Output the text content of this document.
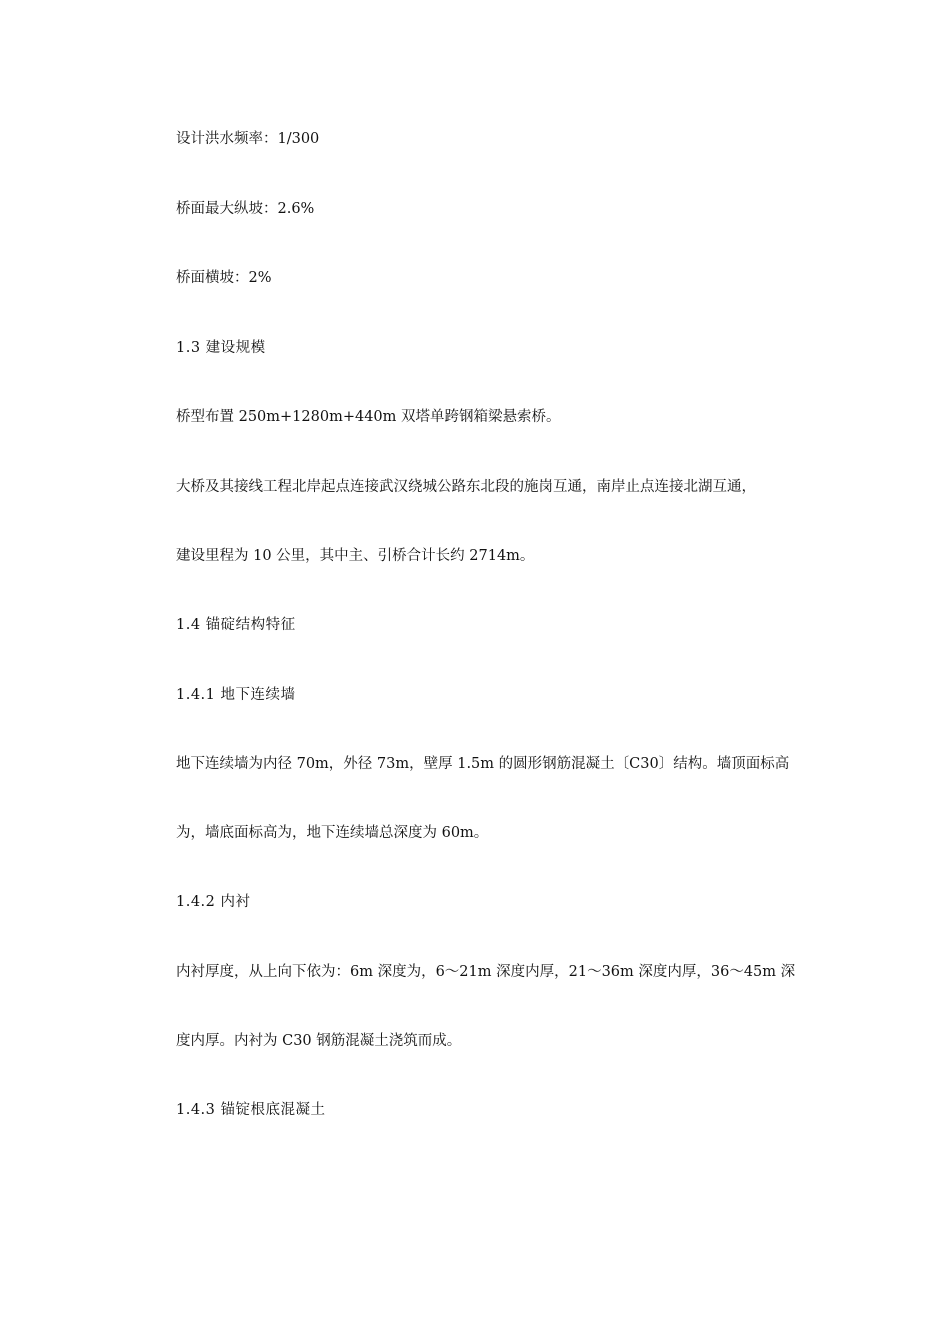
设计洪水频率：1/300
桥面最大纵坡：2.6%
桥面横坡：2%
1.3 建设规模
桥型布置 250m+1280m+440m 双塔单跨钢箱梁悬索桥。
大桥及其接线工程北岸起点连接武汉绕城公路东北段的施岗互通，南岸止点连接北湖互通，
建设里程为 10 公里，其中主、引桥合计长约 2714m。
1.4 锚碇结构特征
1.4.1 地下连续墙
地下连续墙为内径 70m，外径 73m，壁厚 1.5m 的圆形钢筋混凝土〔C30〕结构。墙顶面标高
为，墙底面标高为，地下连续墙总深度为 60m。
1.4.2 内衬
内衬厚度，从上向下依为：6m 深度为，6～21m 深度内厚，21～36m 深度内厚，36～45m 深
度内厚。内衬为 C30 钢筋混凝土浇筑而成。
1.4.3 锚锭根底混凝土
